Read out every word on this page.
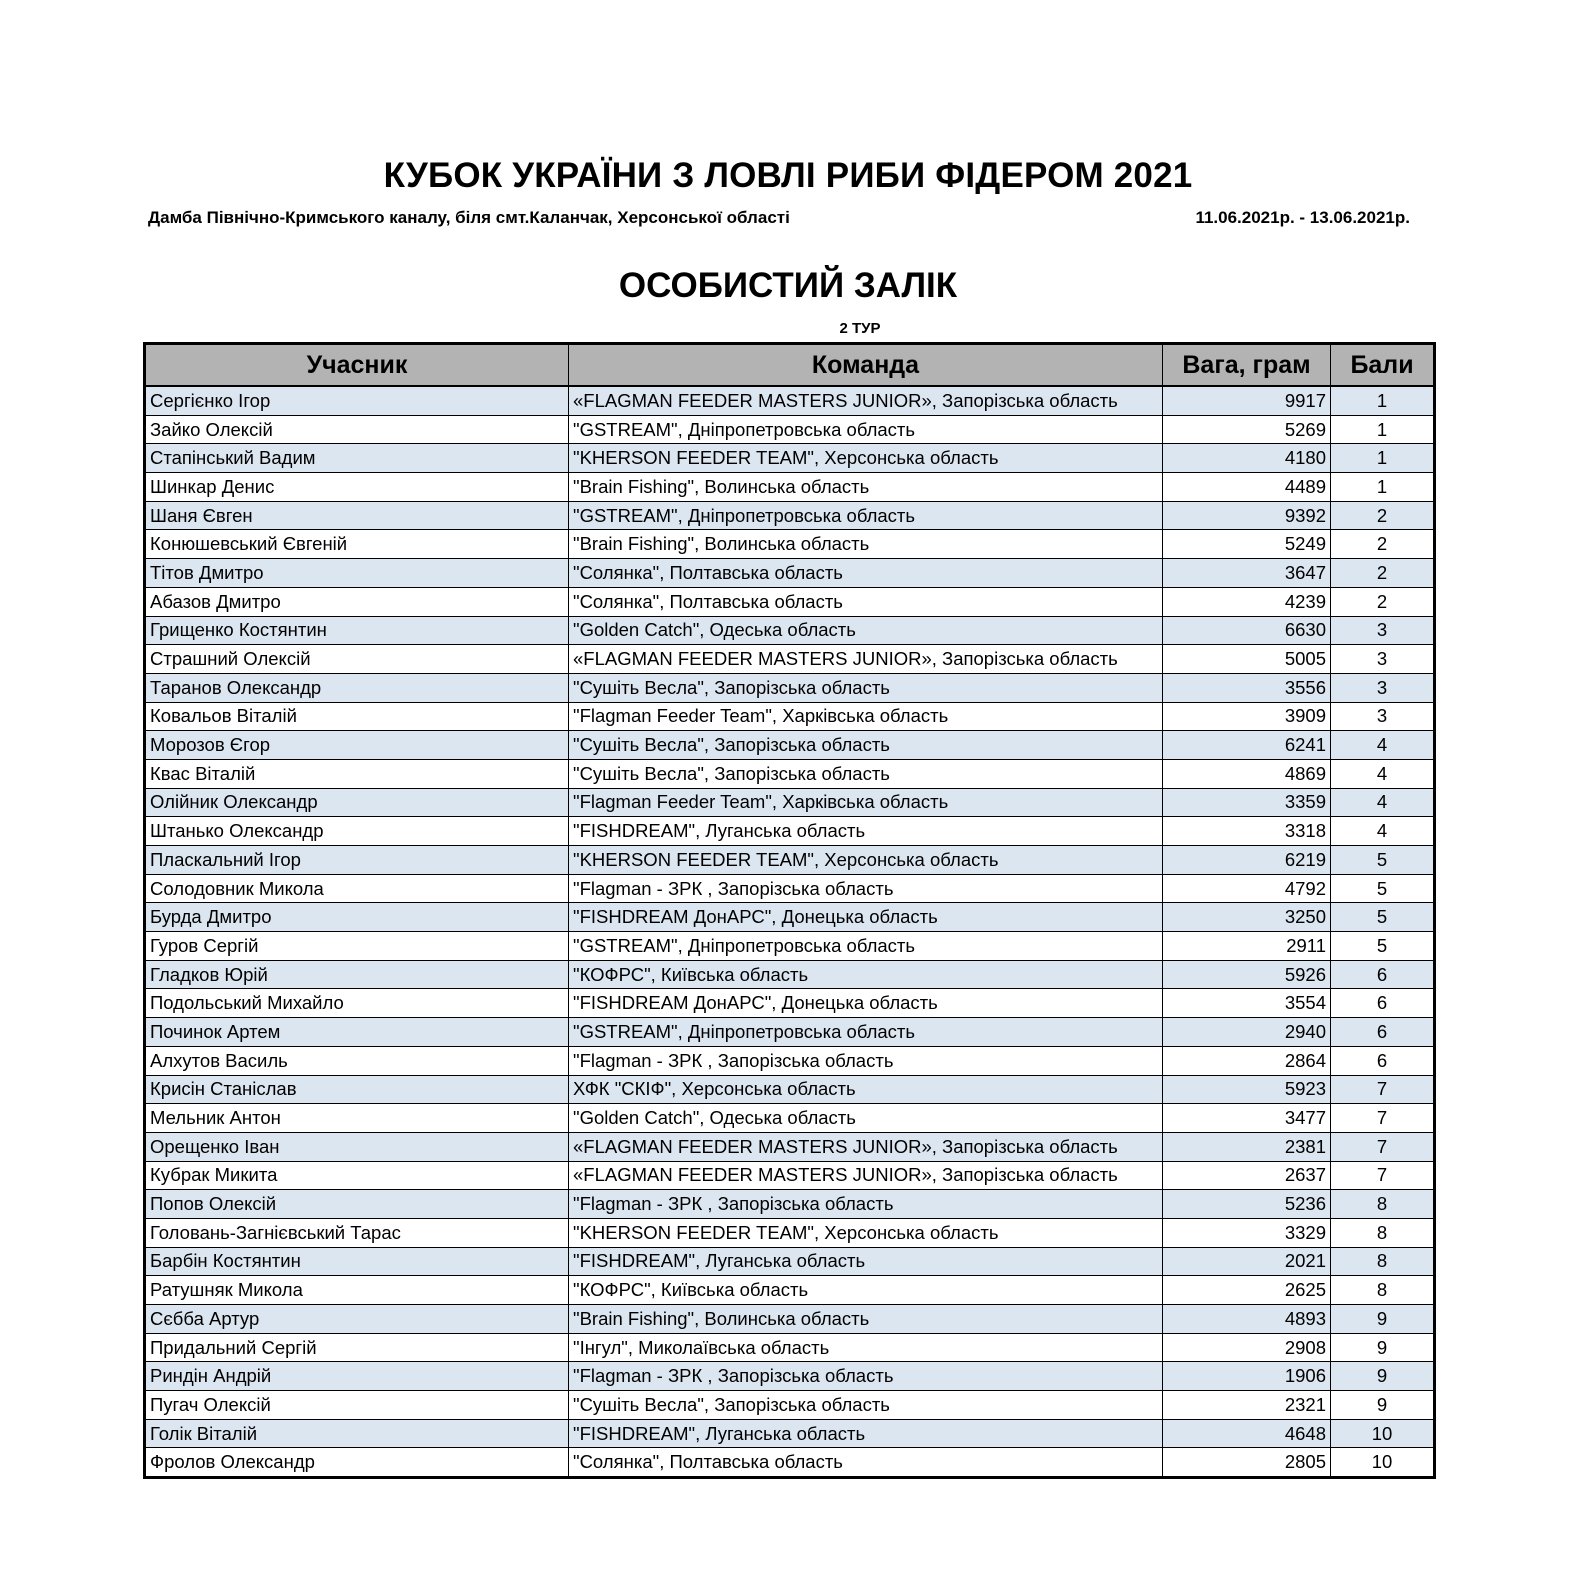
КУБОК УКРАЇНИ З ЛОВЛІ РИБИ ФІДЕРОМ 2021
Дамба Північно-Кримського каналу, біля смт.Каланчак, Херсонської області	11.06.2021р. - 13.06.2021р.
ОСОБИСТИЙ ЗАЛІК
2 ТУР
Учасник	Команда	Вага, грам	Бали
Сергієнко Ігор	«FLAGMAN FEEDER MASTERS JUNIOR», Запорізська область	9917	1
Зайко Олексій	"GSTREAM", Дніпропетровська область	5269	1
Стапінський Вадим	"KHERSON FEEDER TEAM", Херсонська область	4180	1
Шинкар Денис	"Brain Fishing", Волинська область	4489	1
Шаня Євген	"GSTREAM", Дніпропетровська область	9392	2
Конюшевський Євгеній	"Brain Fishing", Волинська область	5249	2
Тітов Дмитро	"Солянка", Полтавська область	3647	2
Абазов Дмитро	"Солянка", Полтавська область	4239	2
Грищенко Костянтин	"Golden Catch", Одеська область	6630	3
Страшний Олексій	«FLAGMAN FEEDER MASTERS JUNIOR», Запорізська область	5005	3
Таранов Олександр	"Сушіть Весла", Запорізська область	3556	3
Ковальов Віталій	"Flagman Feeder Team", Харківська область	3909	3
Морозов Єгор	"Сушіть Весла", Запорізська область	6241	4
Квас Віталій	"Сушіть Весла", Запорізська область	4869	4
Олійник Олександр	"Flagman Feeder Team", Харківська область	3359	4
Штанько Олександр	"FISHDREAM", Луганська область	3318	4
Пласкальний Ігор	"KHERSON FEEDER TEAM", Херсонська область	6219	5
Солодовник Микола	"Flagman - ЗРК , Запорізська область	4792	5
Бурда Дмитро	"FISHDREAM ДонАРС", Донецька область	3250	5
Гуров Сергій	"GSTREAM", Дніпропетровська область	2911	5
Гладков Юрій	"КОФРС", Київська область	5926	6
Подольський Михайло	"FISHDREAM ДонАРС", Донецька область	3554	6
Починок Артем	"GSTREAM", Дніпропетровська область	2940	6
Алхутов Василь	"Flagman - ЗРК , Запорізська область	2864	6
Крисін Станіслав	ХФК "СКІФ", Херсонська область	5923	7
Мельник Антон	"Golden Catch", Одеська область	3477	7
Орещенко Іван	«FLAGMAN FEEDER MASTERS JUNIOR», Запорізська область	2381	7
Кубрак Микита	«FLAGMAN FEEDER MASTERS JUNIOR», Запорізська область	2637	7
Попов Олексій	"Flagman - ЗРК , Запорізська область	5236	8
Головань-Загнієвський Тарас	"KHERSON FEEDER TEAM", Херсонська область	3329	8
Барбін Костянтин	"FISHDREAM", Луганська область	2021	8
Ратушняк Микола	"КОФРС", Київська область	2625	8
Сєбба Артур	"Brain Fishing", Волинська область	4893	9
Придальний Сергій	"Інгул", Миколаївська область	2908	9
Риндін Андрій	"Flagman - ЗРК , Запорізська область	1906	9
Пугач Олексій	"Сушіть Весла", Запорізська область	2321	9
Голік Віталій	"FISHDREAM", Луганська область	4648	10
Фролов Олександр	"Солянка", Полтавська область	2805	10
